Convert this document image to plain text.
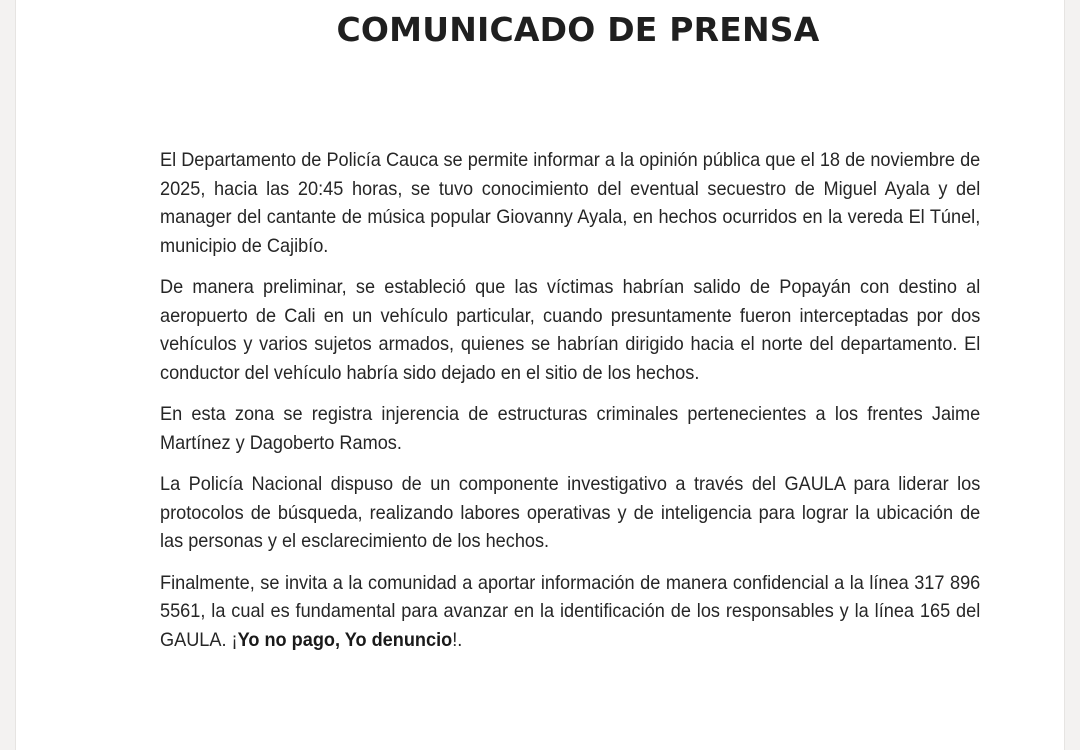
COMUNICADO DE PRENSA

El Departamento de Policía Cauca se permite informar a la opinión pública que el 18 de noviembre de 2025, hacia las 20:45 horas, se tuvo conocimiento del eventual secuestro de Miguel Ayala y del manager del cantante de música popular Giovanny Ayala, en hechos ocurridos en la vereda El Túnel, municipio de Cajibío.

De manera preliminar, se estableció que las víctimas habrían salido de Popayán con destino al aeropuerto de Cali en un vehículo particular, cuando presuntamente fueron interceptadas por dos vehículos y varios sujetos armados, quienes se habrían dirigido hacia el norte del departamento. El conductor del vehículo habría sido dejado en el sitio de los hechos.

En esta zona se registra injerencia de estructuras criminales pertenecientes a los frentes Jaime Martínez y Dagoberto Ramos.

La Policía Nacional dispuso de un componente investigativo a través del GAULA para liderar los protocolos de búsqueda, realizando labores operativas y de inteligencia para lograr la ubicación de las personas y el esclarecimiento de los hechos.

Finalmente, se invita a la comunidad a aportar información de manera confidencial a la línea 317 896 5561, la cual es fundamental para avanzar en la identificación de los responsables y la línea 165 del GAULA. ¡Yo no pago, Yo denuncio!.
